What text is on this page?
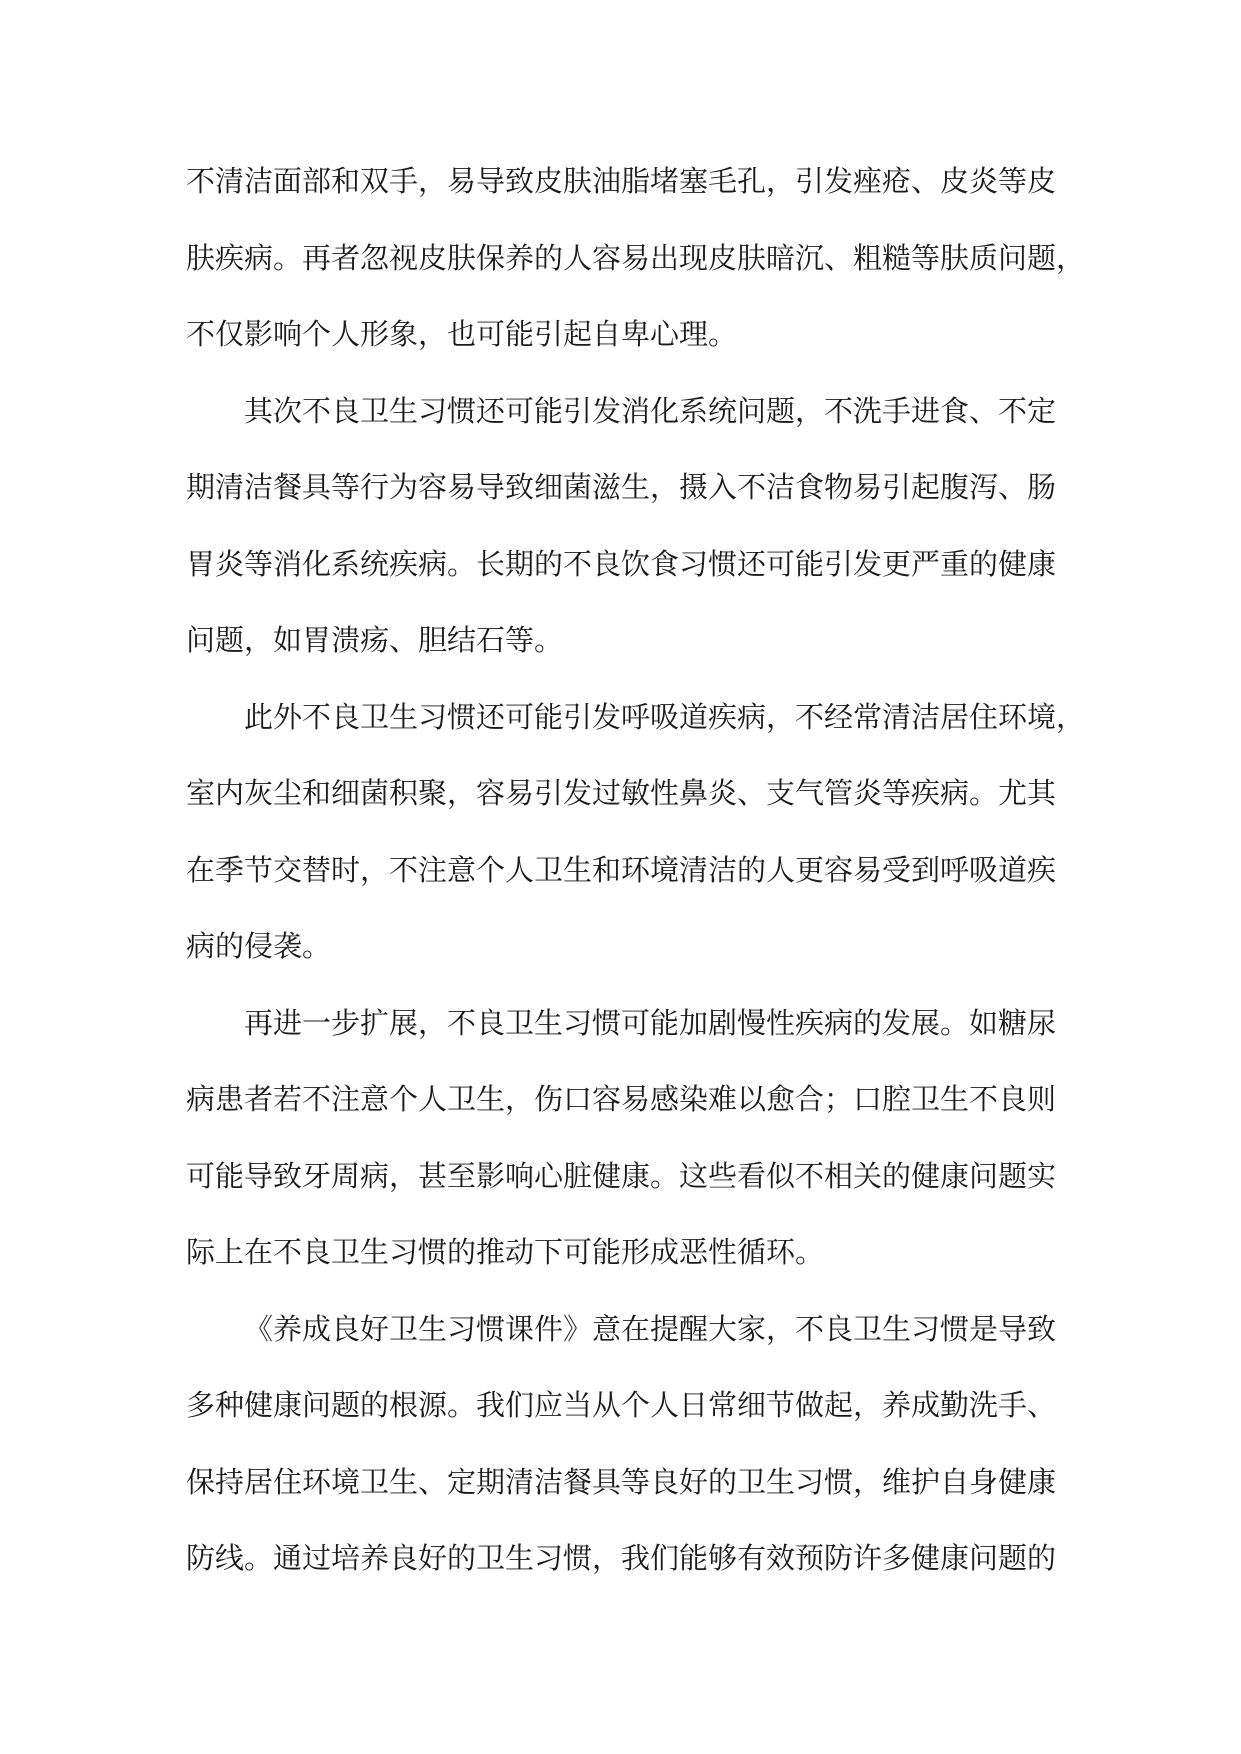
不清洁面部和双手，易导致皮肤油脂堵塞毛孔，引发痤疮、皮炎等皮
肤疾病。再者忽视皮肤保养的人容易出现皮肤暗沉、粗糙等肤质问题，
不仅影响个人形象，也可能引起自卑心理。
其次不良卫生习惯还可能引发消化系统问题，不洗手进食、不定
期清洁餐具等行为容易导致细菌滋生，摄入不洁食物易引起腹泻、肠
胃炎等消化系统疾病。长期的不良饮食习惯还可能引发更严重的健康
问题，如胃溃疡、胆结石等。
此外不良卫生习惯还可能引发呼吸道疾病，不经常清洁居住环境，
室内灰尘和细菌积聚，容易引发过敏性鼻炎、支气管炎等疾病。尤其
在季节交替时，不注意个人卫生和环境清洁的人更容易受到呼吸道疾
病的侵袭。
再进一步扩展，不良卫生习惯可能加剧慢性疾病的发展。如糖尿
病患者若不注意个人卫生，伤口容易感染难以愈合；口腔卫生不良则
可能导致牙周病，甚至影响心脏健康。这些看似不相关的健康问题实
际上在不良卫生习惯的推动下可能形成恶性循环。
《养成良好卫生习惯课件》意在提醒大家，不良卫生习惯是导致
多种健康问题的根源。我们应当从个人日常细节做起，养成勤洗手、
保持居住环境卫生、定期清洁餐具等良好的卫生习惯，维护自身健康
防线。通过培养良好的卫生习惯，我们能够有效预防许多健康问题的
